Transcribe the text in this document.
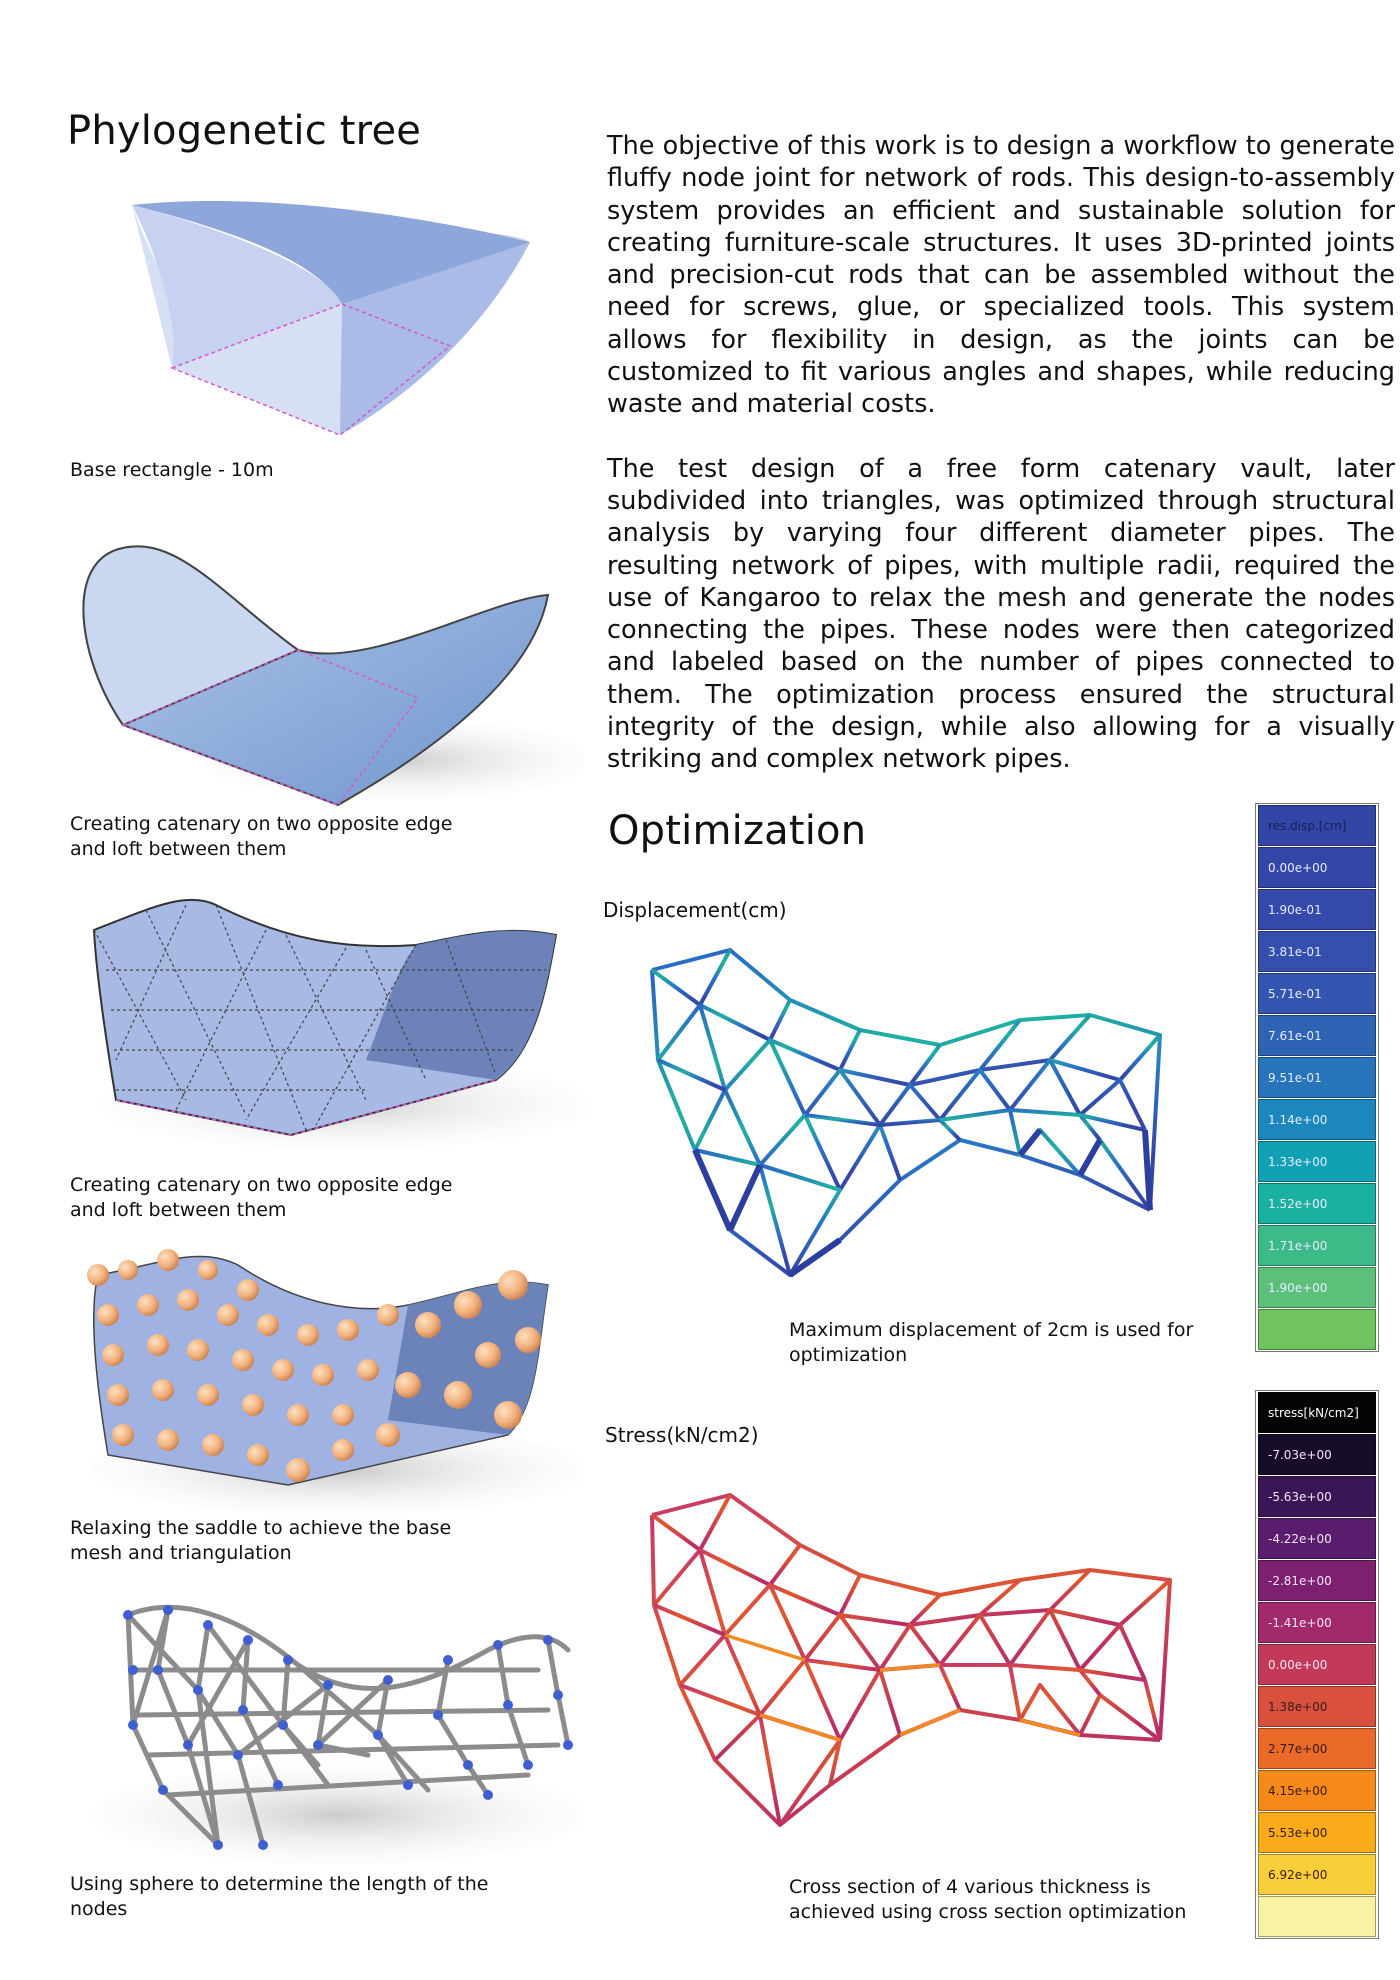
Phylogenetic tree
Base rectangle - 10m
Creating catenary on two opposite edge
and loft between them
Creating catenary on two opposite edge
and loft between them
Relaxing the saddle to achieve the base
mesh and triangulation
Using sphere to determine the length of the
nodes

The objective of this work is to design a workflow to generate fluffy node joint for network of rods. This design-to-assembly system provides an efficient and sustainable solution for creating furniture-scale structures. It uses 3D-printed joints and precision-cut rods that can be assembled without the need for screws, glue, or specialized tools. This system allows for flexibility in design, as the joints can be customized to fit various angles and shapes, while reducing waste and material costs.

The test design of a free form catenary vault, later subdivided into triangles, was optimized through structural analysis by varying four different diameter pipes. The resulting network of pipes, with multiple radii, required the use of Kangaroo to relax the mesh and generate the nodes connecting the pipes. These nodes were then categorized and labeled based on the number of pipes connected to them. The optimization process ensured the structural integrity of the design, while also allowing for a visually striking and complex network pipes.

Optimization
Displacement(cm)
Maximum displacement of 2cm is used for
optimization
Stress(kN/cm2)
Cross section of 4 various thickness is
achieved using cross section optimization
res.disp.[cm]
0.00e+00
1.90e-01
3.81e-01
5.71e-01
7.61e-01
9.51e-01
1.14e+00
1.33e+00
1.52e+00
1.71e+00
1.90e+00
stress[kN/cm2]
-7.03e+00
-5.63e+00
-4.22e+00
-2.81e+00
-1.41e+00
0.00e+00
1.38e+00
2.77e+00
4.15e+00
5.53e+00
6.92e+00
